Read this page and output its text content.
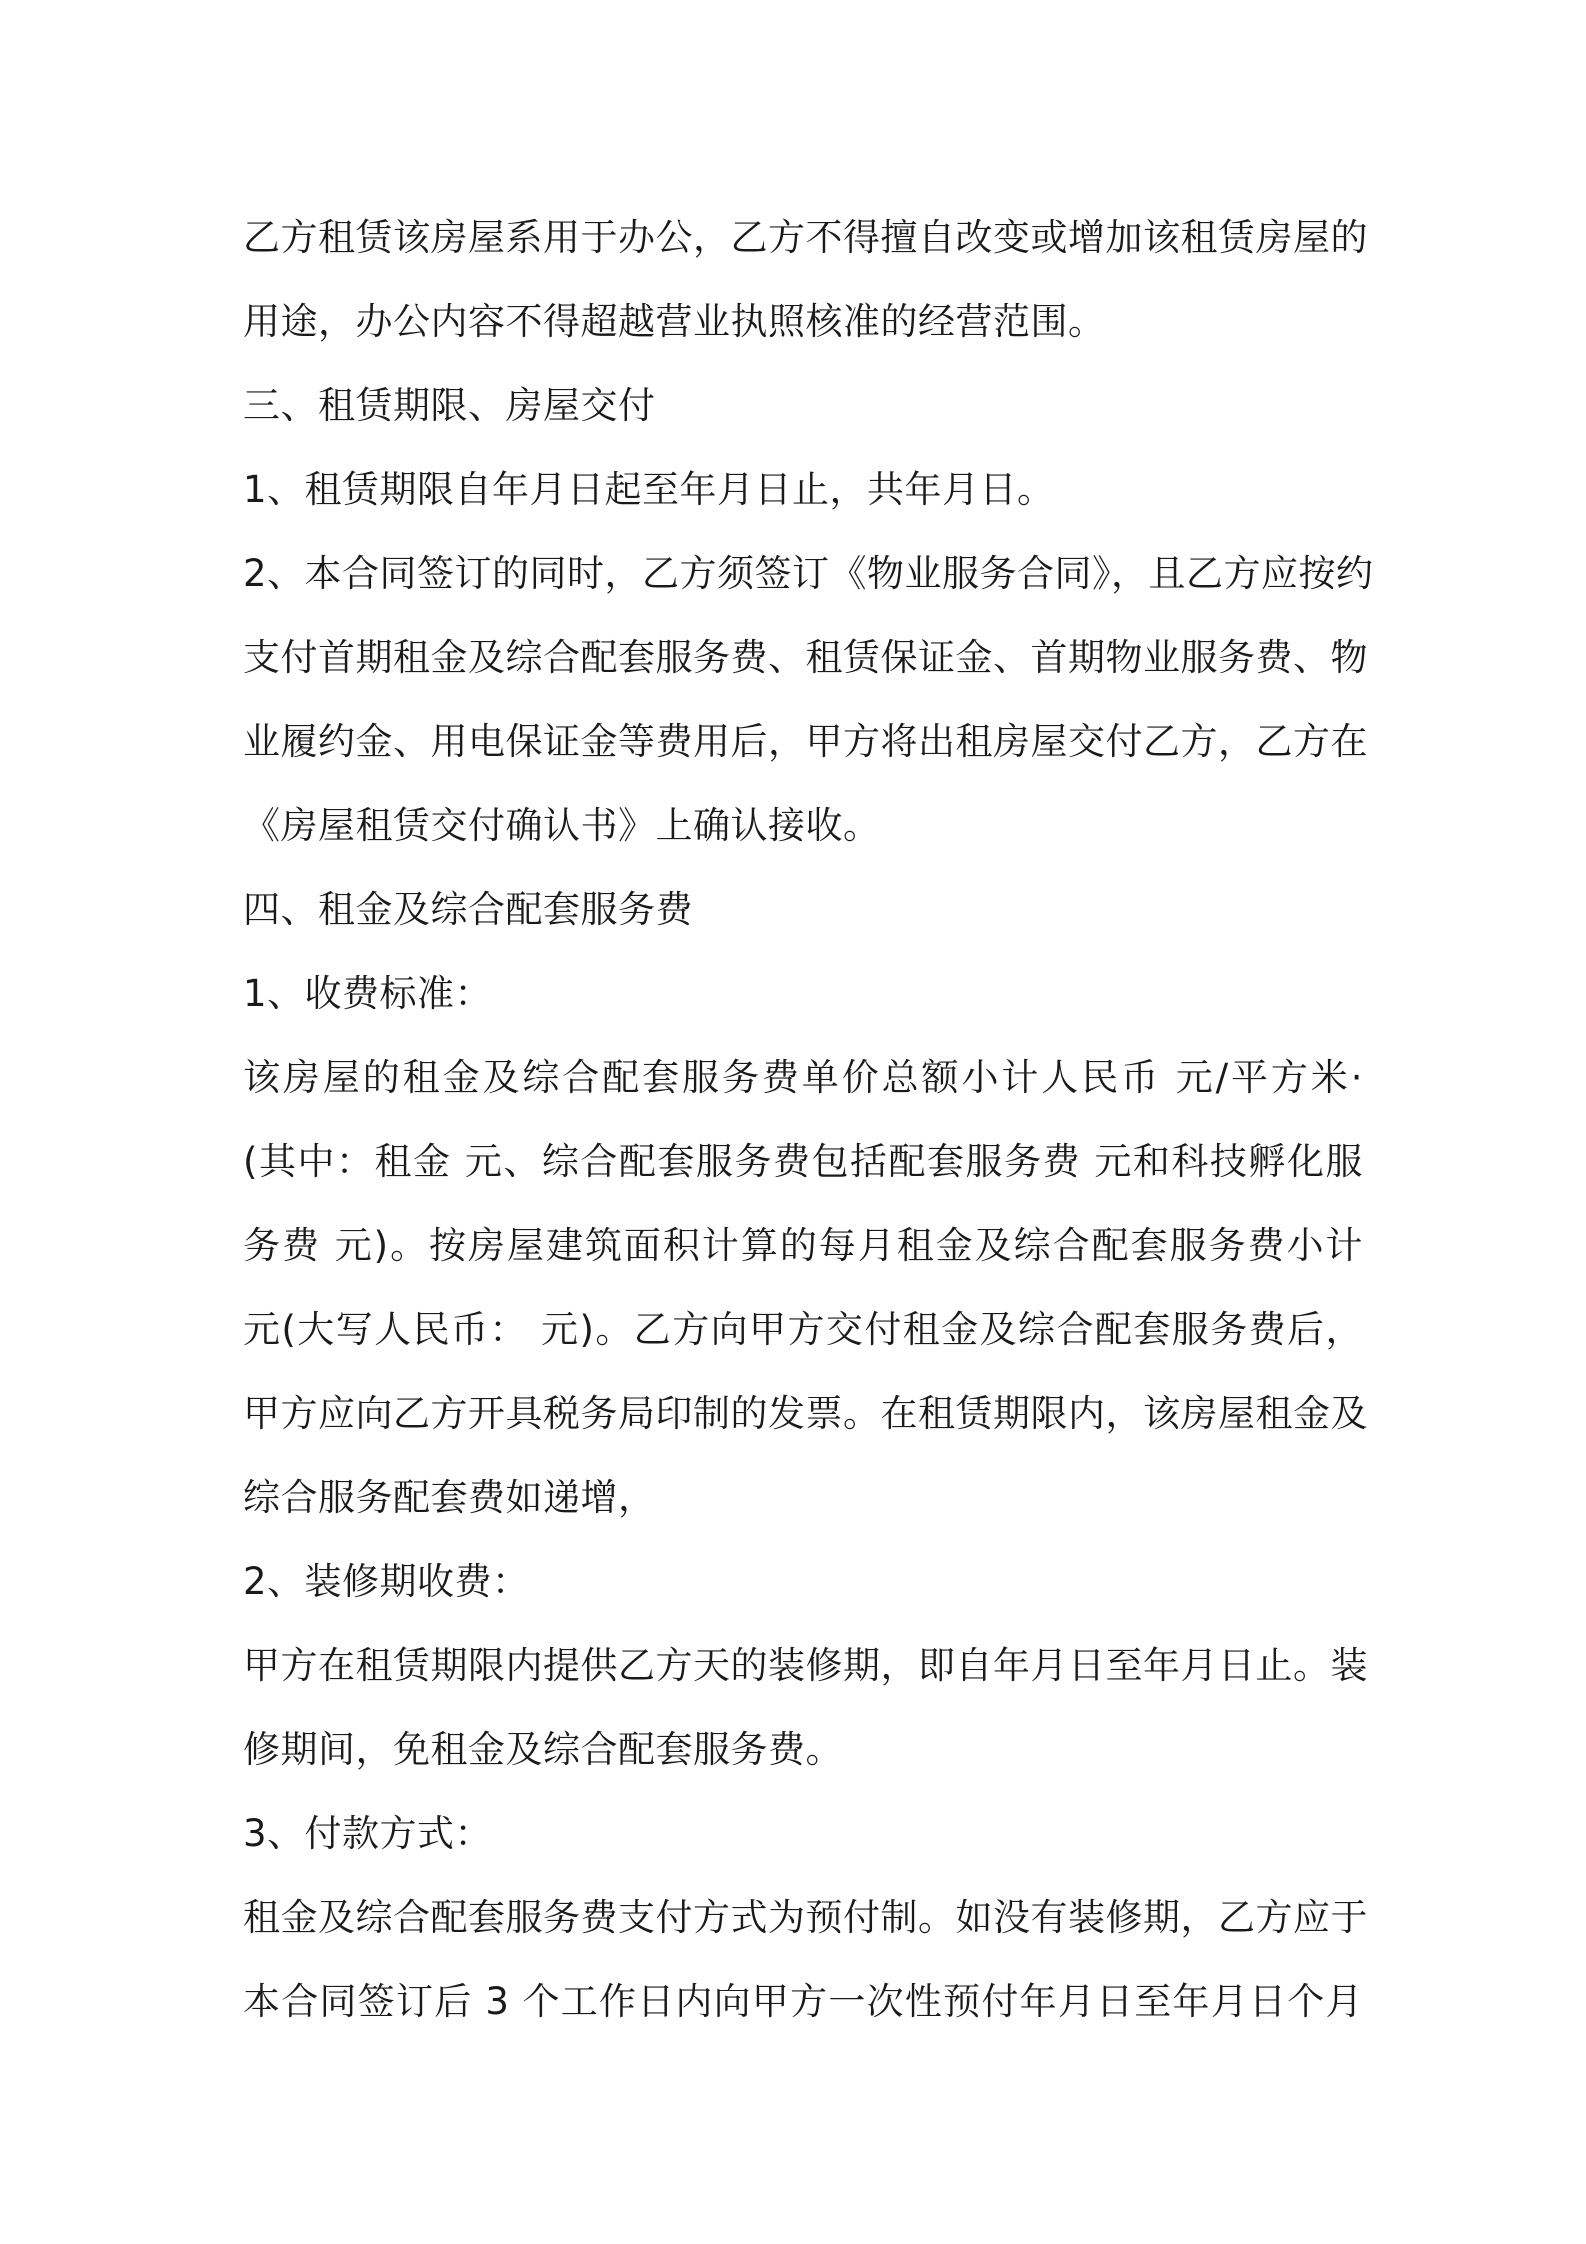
乙方租赁该房屋系用于办公，乙方不得擅自改变或增加该租赁房屋的
用途，办公内容不得超越营业执照核准的经营范围。
三、租赁期限、房屋交付
1、租赁期限自年月日起至年月日止，共年月日。
2、本合同签订的同时，乙方须签订《物业服务合同》，且乙方应按约
支付首期租金及综合配套服务费、租赁保证金、首期物业服务费、物
业履约金、用电保证金等费用后，甲方将出租房屋交付乙方，乙方在
《房屋租赁交付确认书》上确认接收。
四、租金及综合配套服务费
1、收费标准：
该房屋的租金及综合配套服务费单价总额小计人民币 元/平方米·
(其中：租金 元、综合配套服务费包括配套服务费 元和科技孵化服
务费 元)。按房屋建筑面积计算的每月租金及综合配套服务费小计
元(大写人民币： 元)。乙方向甲方交付租金及综合配套服务费后，
甲方应向乙方开具税务局印制的发票。在租赁期限内，该房屋租金及
综合服务配套费如递增，
2、装修期收费：
甲方在租赁期限内提供乙方天的装修期，即自年月日至年月日止。装
修期间，免租金及综合配套服务费。
3、付款方式：
租金及综合配套服务费支付方式为预付制。如没有装修期，乙方应于
本合同签订后 3 个工作日内向甲方一次性预付年月日至年月日个月
